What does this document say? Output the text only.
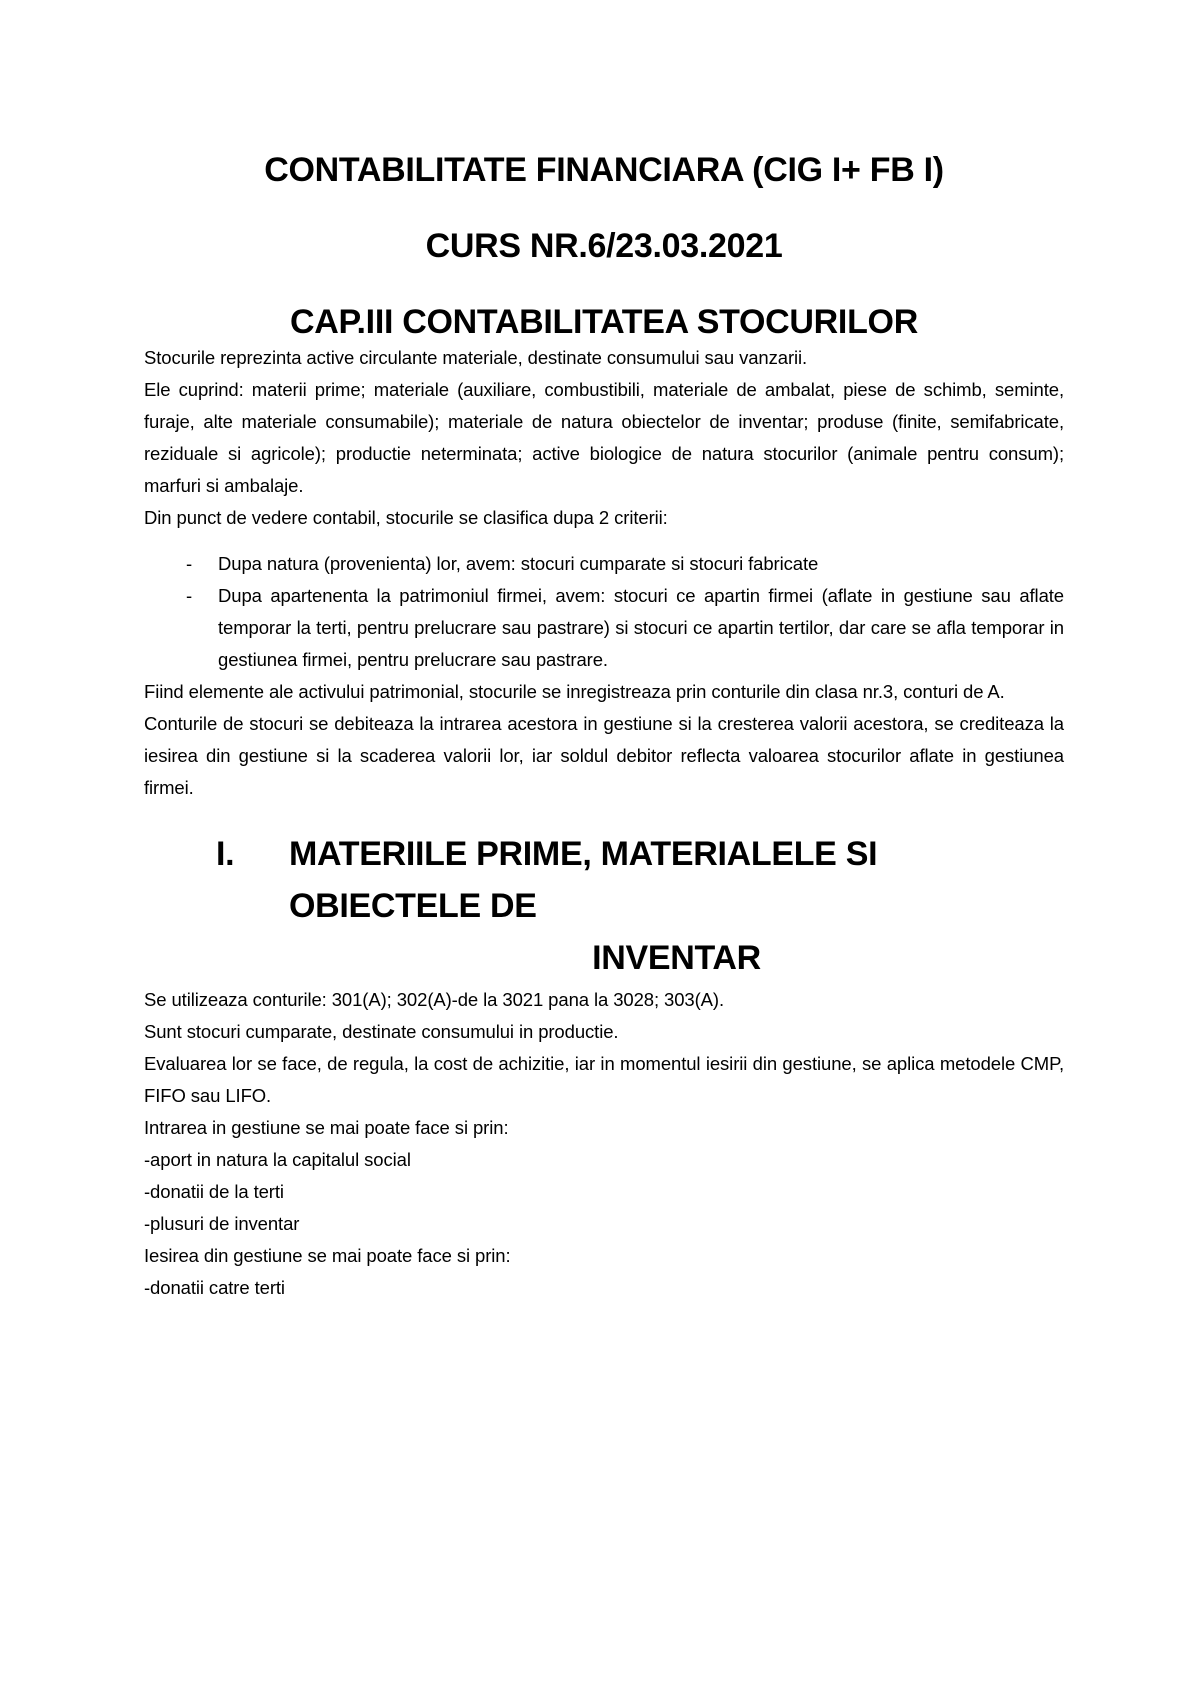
CONTABILITATE FINANCIARA (CIG I+ FB I)
CURS NR.6/23.03.2021
CAP.III CONTABILITATEA STOCURILOR

Stocurile reprezinta active circulante materiale, destinate consumului sau vanzarii.

Ele cuprind: materii prime; materiale (auxiliare, combustibili, materiale de ambalat, piese de schimb, seminte, furaje, alte materiale consumabile); materiale de natura obiectelor de inventar; produse (finite, semifabricate, reziduale si agricole); productie neterminata; active biologice de natura stocurilor (animale pentru consum); marfuri si ambalaje.

Din punct de vedere contabil, stocurile se clasifica dupa 2 criterii:

- Dupa natura (provenienta) lor, avem: stocuri cumparate si stocuri fabricate
- Dupa apartenenta la patrimoniul firmei, avem: stocuri ce apartin firmei (aflate in gestiune sau aflate temporar la terti, pentru prelucrare sau pastrare) si stocuri ce apartin tertilor, dar care se afla temporar in gestiunea firmei, pentru prelucrare sau pastrare.

Fiind elemente ale activului patrimonial, stocurile se inregistreaza prin conturile din clasa nr.3, conturi de A.

Conturile de stocuri se debiteaza la intrarea acestora in gestiune si la cresterea valorii acestora, se crediteaza la iesirea din gestiune si la scaderea valorii lor, iar soldul debitor reflecta valoarea stocurilor aflate in gestiunea firmei.

I.	MATERIILE PRIME, MATERIALELE SI OBIECTELE DE
INVENTAR

Se utilizeaza conturile: 301(A); 302(A)-de la 3021 pana la 3028; 303(A).

Sunt stocuri cumparate, destinate consumului in productie.

Evaluarea lor se face, de regula, la cost de achizitie, iar in momentul iesirii din gestiune, se aplica metodele CMP, FIFO sau LIFO.

Intrarea in gestiune se mai poate face si prin:

-aport in natura la capitalul social

-donatii de la terti

-plusuri de inventar

Iesirea din gestiune se mai poate face si prin:

-donatii catre terti
